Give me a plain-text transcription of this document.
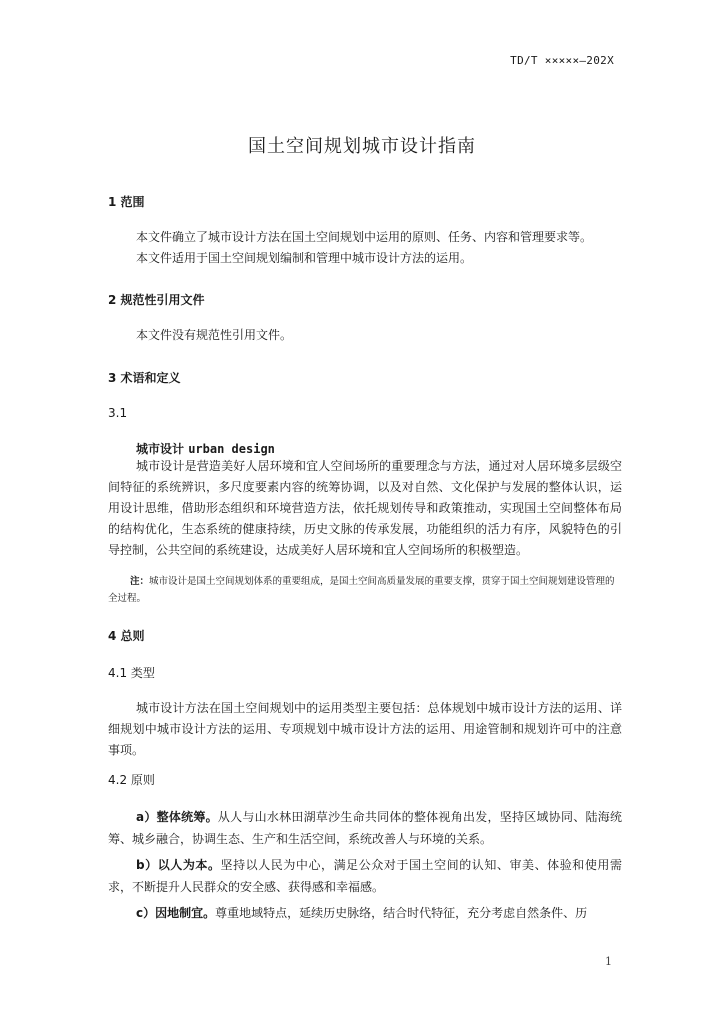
TD/T ×××××—202X
国土空间规划城市设计指南
1 范围
本文件确立了城市设计方法在国土空间规划中运用的原则、任务、内容和管理要求等。
本文件适用于国土空间规划编制和管理中城市设计方法的运用。
2 规范性引用文件
本文件没有规范性引用文件。
3 术语和定义
3.1
城市设计 urban design
城市设计是营造美好人居环境和宜人空间场所的重要理念与方法，通过对人居环境多层级空间特征的系统辨识，多尺度要素内容的统筹协调，以及对自然、文化保护与发展的整体认识，运用设计思维，借助形态组织和环境营造方法，依托规划传导和政策推动，实现国土空间整体布局的结构优化，生态系统的健康持续，历史文脉的传承发展，功能组织的活力有序，风貌特色的引导控制，公共空间的系统建设，达成美好人居环境和宜人空间场所的积极塑造。
注：城市设计是国土空间规划体系的重要组成，是国土空间高质量发展的重要支撑，贯穿于国土空间规划建设管理的全过程。
4 总则
4.1 类型
城市设计方法在国土空间规划中的运用类型主要包括：总体规划中城市设计方法的运用、详细规划中城市设计方法的运用、专项规划中城市设计方法的运用、用途管制和规划许可中的注意事项。
4.2 原则
a）整体统筹。从人与山水林田湖草沙生命共同体的整体视角出发，坚持区域协同、陆海统筹、城乡融合，协调生态、生产和生活空间，系统改善人与环境的关系。
b）以人为本。坚持以人民为中心，满足公众对于国土空间的认知、审美、体验和使用需求，不断提升人民群众的安全感、获得感和幸福感。
c）因地制宜。尊重地域特点，延续历史脉络，结合时代特征，充分考虑自然条件、历
1
